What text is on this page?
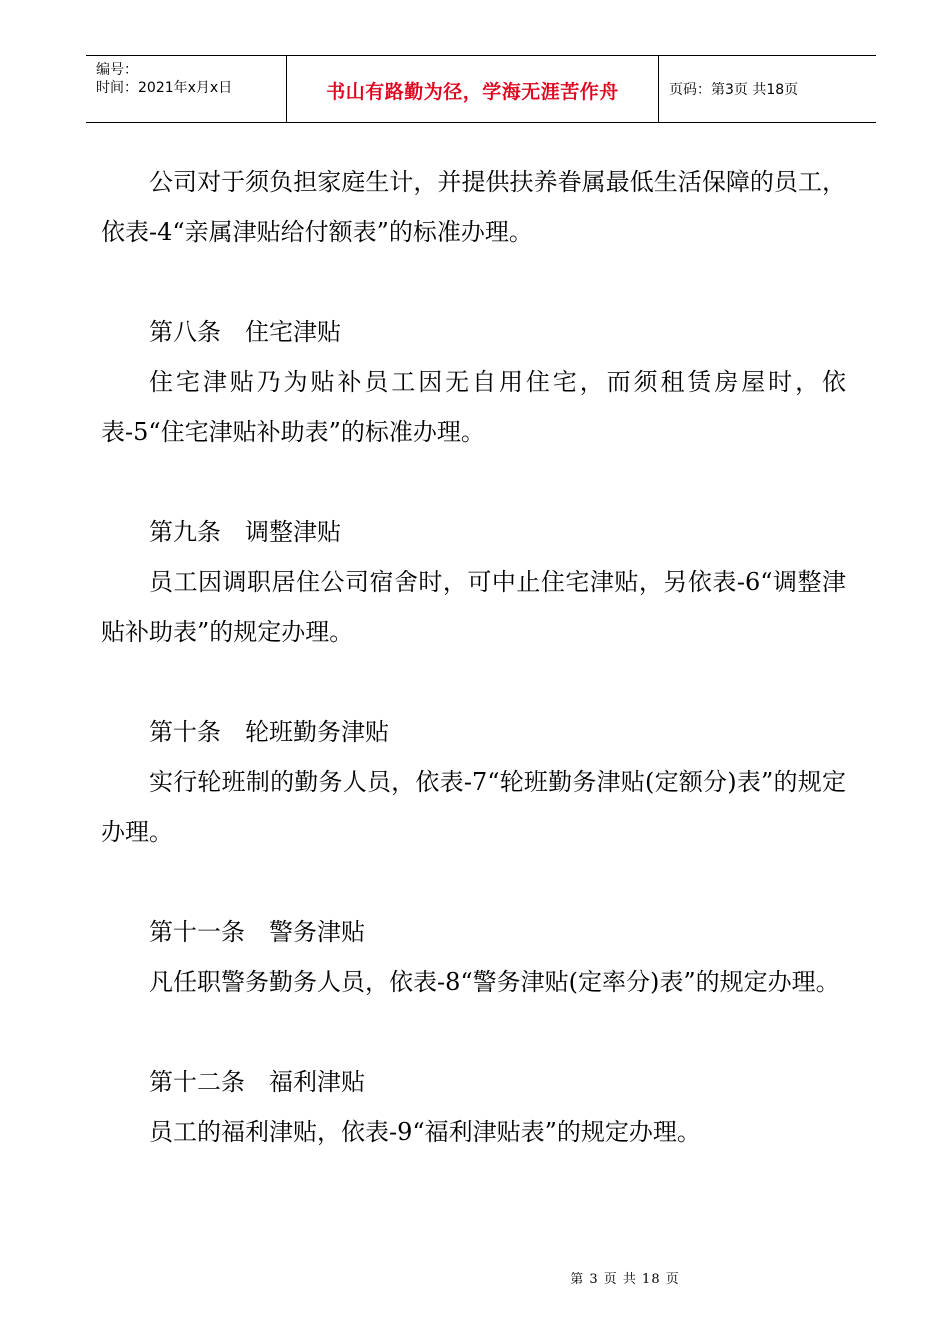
编号：
时间：2021年x月x日	书山有路勤为径，学海无涯苦作舟	页码：第3页 共18页

公司对于须负担家庭生计，并提供扶养眷属最低生活保障的员工，依表-4“亲属津贴给付额表”的标准办理。

第八条　住宅津贴

住宅津贴乃为贴补员工因无自用住宅，而须租赁房屋时，依表-5“住宅津贴补助表”的标准办理。

第九条　调整津贴

员工因调职居住公司宿舍时，可中止住宅津贴，另依表-6“调整津贴补助表”的规定办理。

第十条　轮班勤务津贴

实行轮班制的勤务人员，依表-7“轮班勤务津贴(定额分)表”的规定办理。

第十一条　警务津贴

凡任职警务勤务人员，依表-8“警务津贴(定率分)表”的规定办理。

第十二条　福利津贴

员工的福利津贴，依表-9“福利津贴表”的规定办理。

第 3 页 共 18 页
